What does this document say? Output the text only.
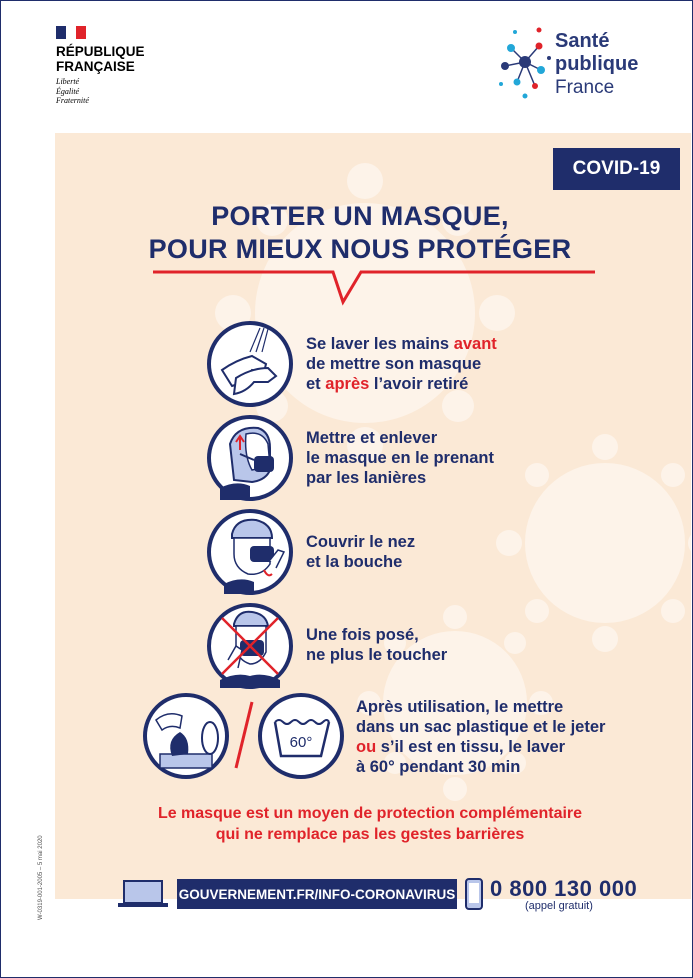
RÉPUBLIQUE
FRANÇAISE
Liberté
Égalité
Fraternité
Santé
publique
France
COVID-19
PORTER UN MASQUE,
POUR MIEUX NOUS PROTÉGER
Se laver les mains avant
de mettre son masque
et après l’avoir retiré
Mettre et enlever
le masque en le prenant
par les lanières
Couvrir le nez
et la bouche
Une fois posé,
ne plus le toucher
60°
Après utilisation, le mettre
dans un sac plastique et le jeter
ou s’il est en tissu, le laver
à 60° pendant 30 min
Le masque est un moyen de protection complémentaire
qui ne remplace pas les gestes barrières
W-0319-001-2005 – 5 mai 2020	GOUVERNEMENT.FR/INFO-CORONAVIRUS 0 800 130 000
(appel gratuit)
